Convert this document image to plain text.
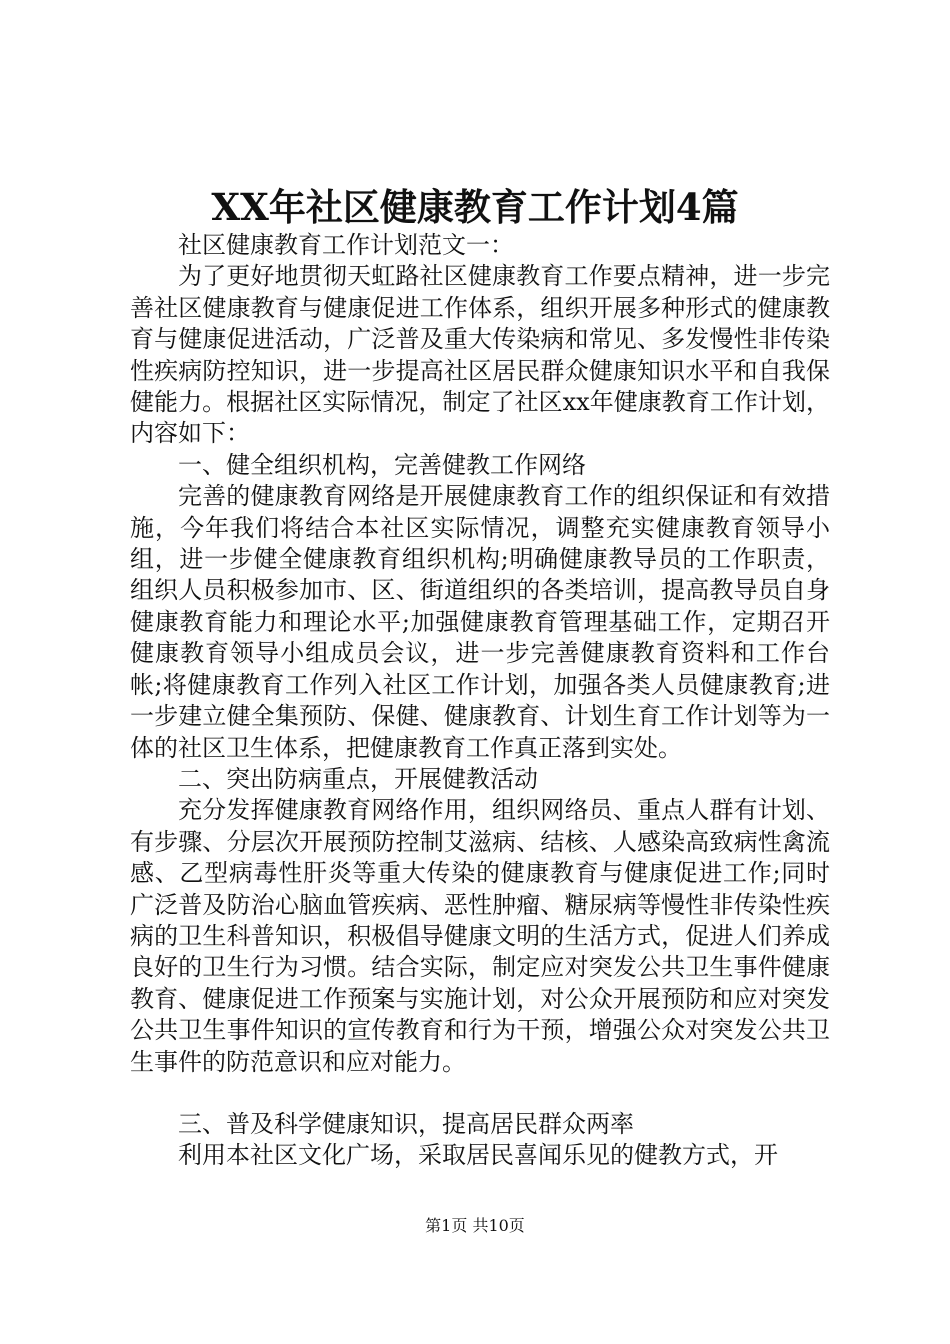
XX年社区健康教育工作计划4篇

社区健康教育工作计划范文一：

为了更好地贯彻天虹路社区健康教育工作要点精神，进一步完善社区健康教育与健康促进工作体系，组织开展多种形式的健康教育与健康促进活动，广泛普及重大传染病和常见、多发慢性非传染性疾病防控知识，进一步提高社区居民群众健康知识水平和自我保健能力。根据社区实际情况，制定了社区xx年健康教育工作计划，内容如下：

一、健全组织机构，完善健教工作网络

完善的健康教育网络是开展健康教育工作的组织保证和有效措施，今年我们将结合本社区实际情况，调整充实健康教育领导小组，进一步健全健康教育组织机构;明确健康教导员的工作职责，组织人员积极参加市、区、街道组织的各类培训，提高教导员自身健康教育能力和理论水平;加强健康教育管理基础工作，定期召开健康教育领导小组成员会议，进一步完善健康教育资料和工作台帐;将健康教育工作列入社区工作计划，加强各类人员健康教育;进一步建立健全集预防、保健、健康教育、计划生育工作计划等为一体的社区卫生体系，把健康教育工作真正落到实处。

二、突出防病重点，开展健教活动

充分发挥健康教育网络作用，组织网络员、重点人群有计划、有步骤、分层次开展预防控制艾滋病、结核、人感染高致病性禽流感、乙型病毒性肝炎等重大传染的健康教育与健康促进工作;同时广泛普及防治心脑血管疾病、恶性肿瘤、糖尿病等慢性非传染性疾病的卫生科普知识，积极倡导健康文明的生活方式，促进人们养成良好的卫生行为习惯。结合实际，制定应对突发公共卫生事件健康教育、健康促进工作预案与实施计划，对公众开展预防和应对突发公共卫生事件知识的宣传教育和行为干预，增强公众对突发公共卫生事件的防范意识和应对能力。

三、普及科学健康知识，提高居民群众两率

利用本社区文化广场，采取居民喜闻乐见的健教方式，开

第1页 共10页
